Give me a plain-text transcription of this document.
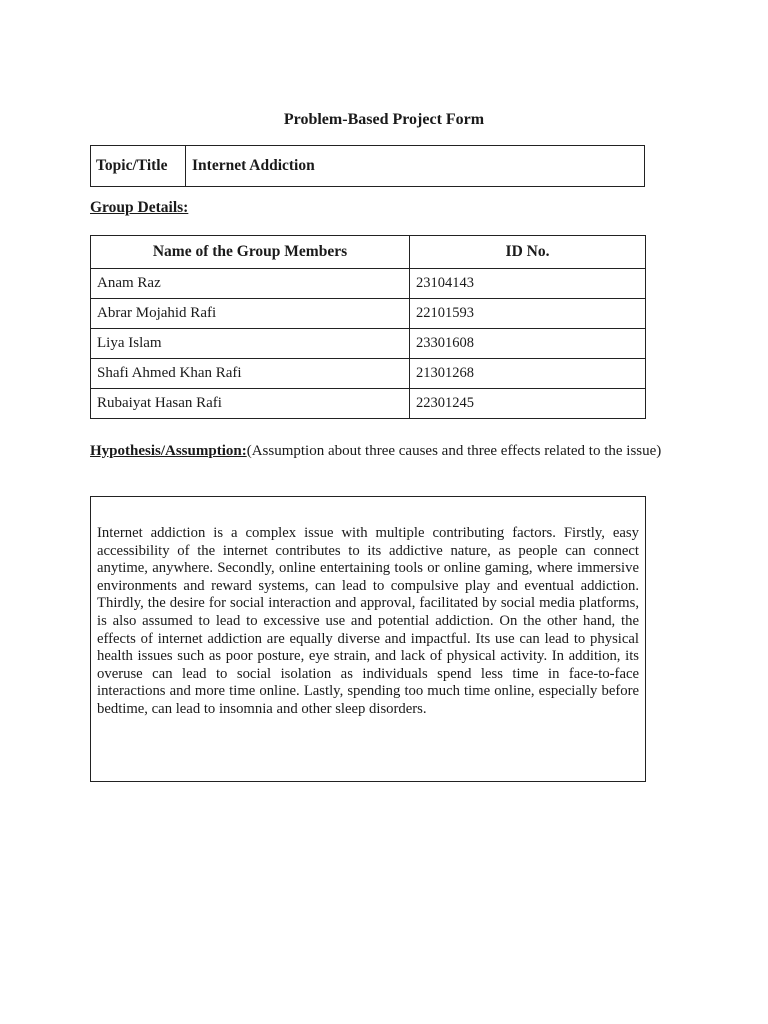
Problem-Based Project Form
Topic/Title	Internet Addiction
Group Details:
Name of the Group Members	ID No.
Anam Raz	23104143
Abrar Mojahid Rafi	22101593
Liya Islam	23301608
Shafi Ahmed Khan Rafi	21301268
Rubaiyat Hasan Rafi	22301245
Hypothesis/Assumption:(Assumption about three causes and three effects related to the issue)

Internet addiction is a complex issue with multiple contributing factors. Firstly, easy accessibility of the internet contributes to its addictive nature, as people can connect anytime, anywhere. Secondly, online entertaining tools or online gaming, where immersive environments and reward systems, can lead to compulsive play and eventual addiction. Thirdly, the desire for social interaction and approval, facilitated by social media platforms, is also assumed to lead to excessive use and potential addiction. On the other hand, the effects of internet addiction are equally diverse and impactful. Its use can lead to physical health issues such as poor posture, eye strain, and lack of physical activity. In addition, its overuse can lead to social isolation as individuals spend less time in face-to-face interactions and more time online. Lastly, spending too much time online, especially before bedtime, can lead to insomnia and other sleep disorders.
